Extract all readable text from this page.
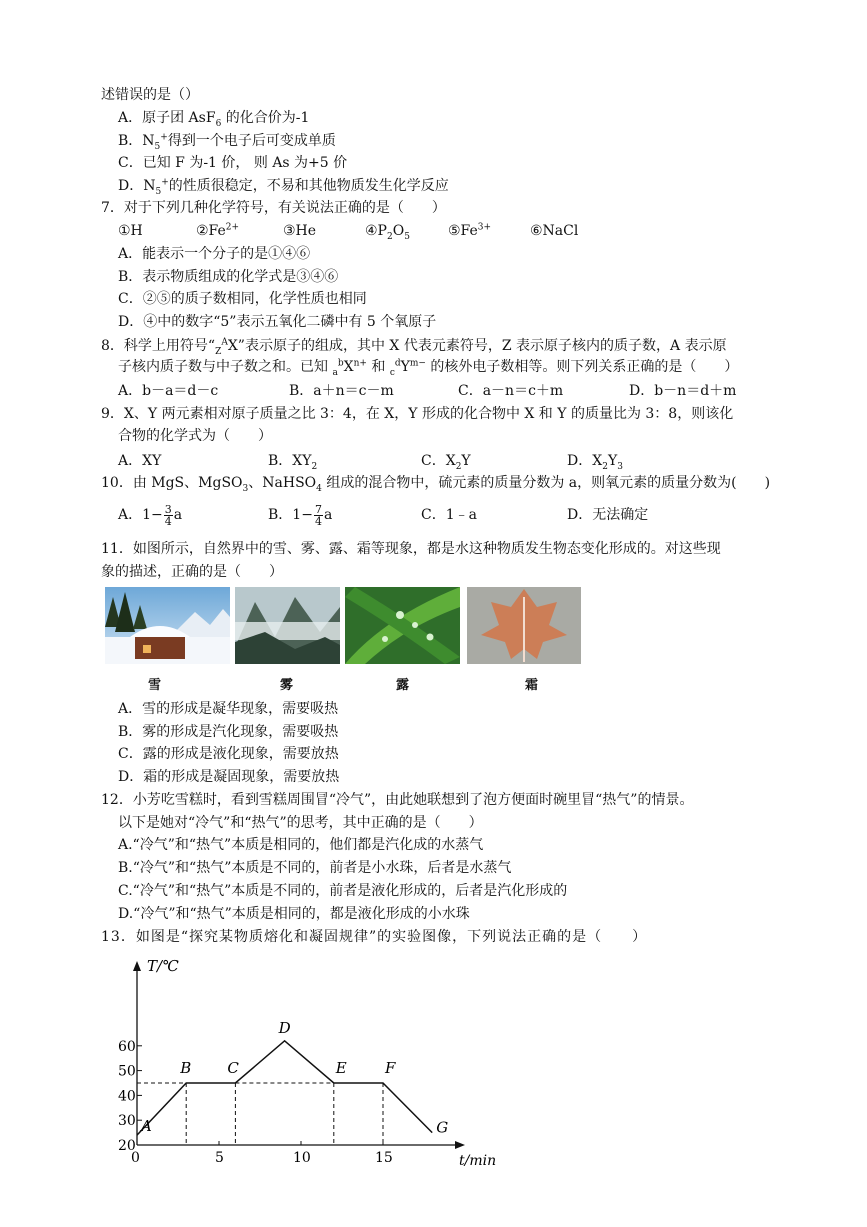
述错误的是（）
A．原子团 AsF$_6$ 的化合价为-1
B．$N_5^+$得到一个电子后可变成单质
C．已知 F 为-1 价， 则 As 为+5 价
D．$N_5^+$的性质很稳定，不易和其他物质发生化学反应
7．对于下列几种化学符号，有关说法正确的是（　　）
①H	$②Fe^{2+}$	③He	$④P_2O_5$	$⑤Fe^{3+}$	⑥NaCl
A．能表示一个分子的是①④⑥
B．表示物质组成的化学式是③④⑥
C．②⑤的质子数相同，化学性质也相同
D．④中的数字“5”表示五氧化二磷中有 5 个氧原子
8．科学上用符号“$_Z^AX$”表示原子的组成，其中 X 代表元素符号，Z 表示原子核内的质子数，A 表示原
子核内质子数与中子数之和。已知 $_a^bX^{n+}$ 和 $_c^dY^{m-}$ 的核外电子数相等。则下列关系正确的是（　　）
A．b－a＝d－c	B．a＋n＝c－m	C．a－n＝c＋m	D．b－n＝d＋m
9．X、Y 两元素相对原子质量之比 3：4，在 X，Y 形成的化合物中 X 和 Y 的质量比为 3：8，则该化
合物的化学式为（　　）
A．XY	B．$XY_2$	C．$X_2Y$	D．$X_2Y_3$
10．由 MgS、MgSO$_3$、NaHSO$_4$ 组成的混合物中，硫元素的质量分数为 a，则氧元素的质量分数为(　　)
A．$1- \frac{3}{4}$ a	B．$1- \frac{7}{4}$ a	C．1﹣a	D．无法确定
11．如图所示，自然界中的雪、雾、露、霜等现象，都是水这种物质发生物态变化形成的。对这些现
象的描述，正确的是（　　）
雪	雾	露	霜
A．雪的形成是凝华现象，需要吸热
B．雾的形成是汽化现象，需要吸热
C．露的形成是液化现象，需要放热
D．霜的形成是凝固现象，需要放热
12．小芳吃雪糕时，看到雪糕周围冒“冷气”，由此她联想到了泡方便面时碗里冒“热气”的情景。
以下是她对“冷气”和“热气”的思考，其中正确的是（　　）
A.“冷气”和“热气”本质是相同的，他们都是汽化成的水蒸气
B.“冷气”和“热气”本质是不同的，前者是小水珠，后者是水蒸气
C.“冷气”和“热气”本质是不同的，前者是液化形成的，后者是汽化形成的
D.“冷气”和“热气”本质是相同的，都是液化形成的小水珠
13．如图是“探究某物质熔化和凝固规律”的实验图像，下列说法正确的是（　　）
T/℃
t/min
20
30
40
50
60
0	5	10	15
A
B C
D
E	F
G
